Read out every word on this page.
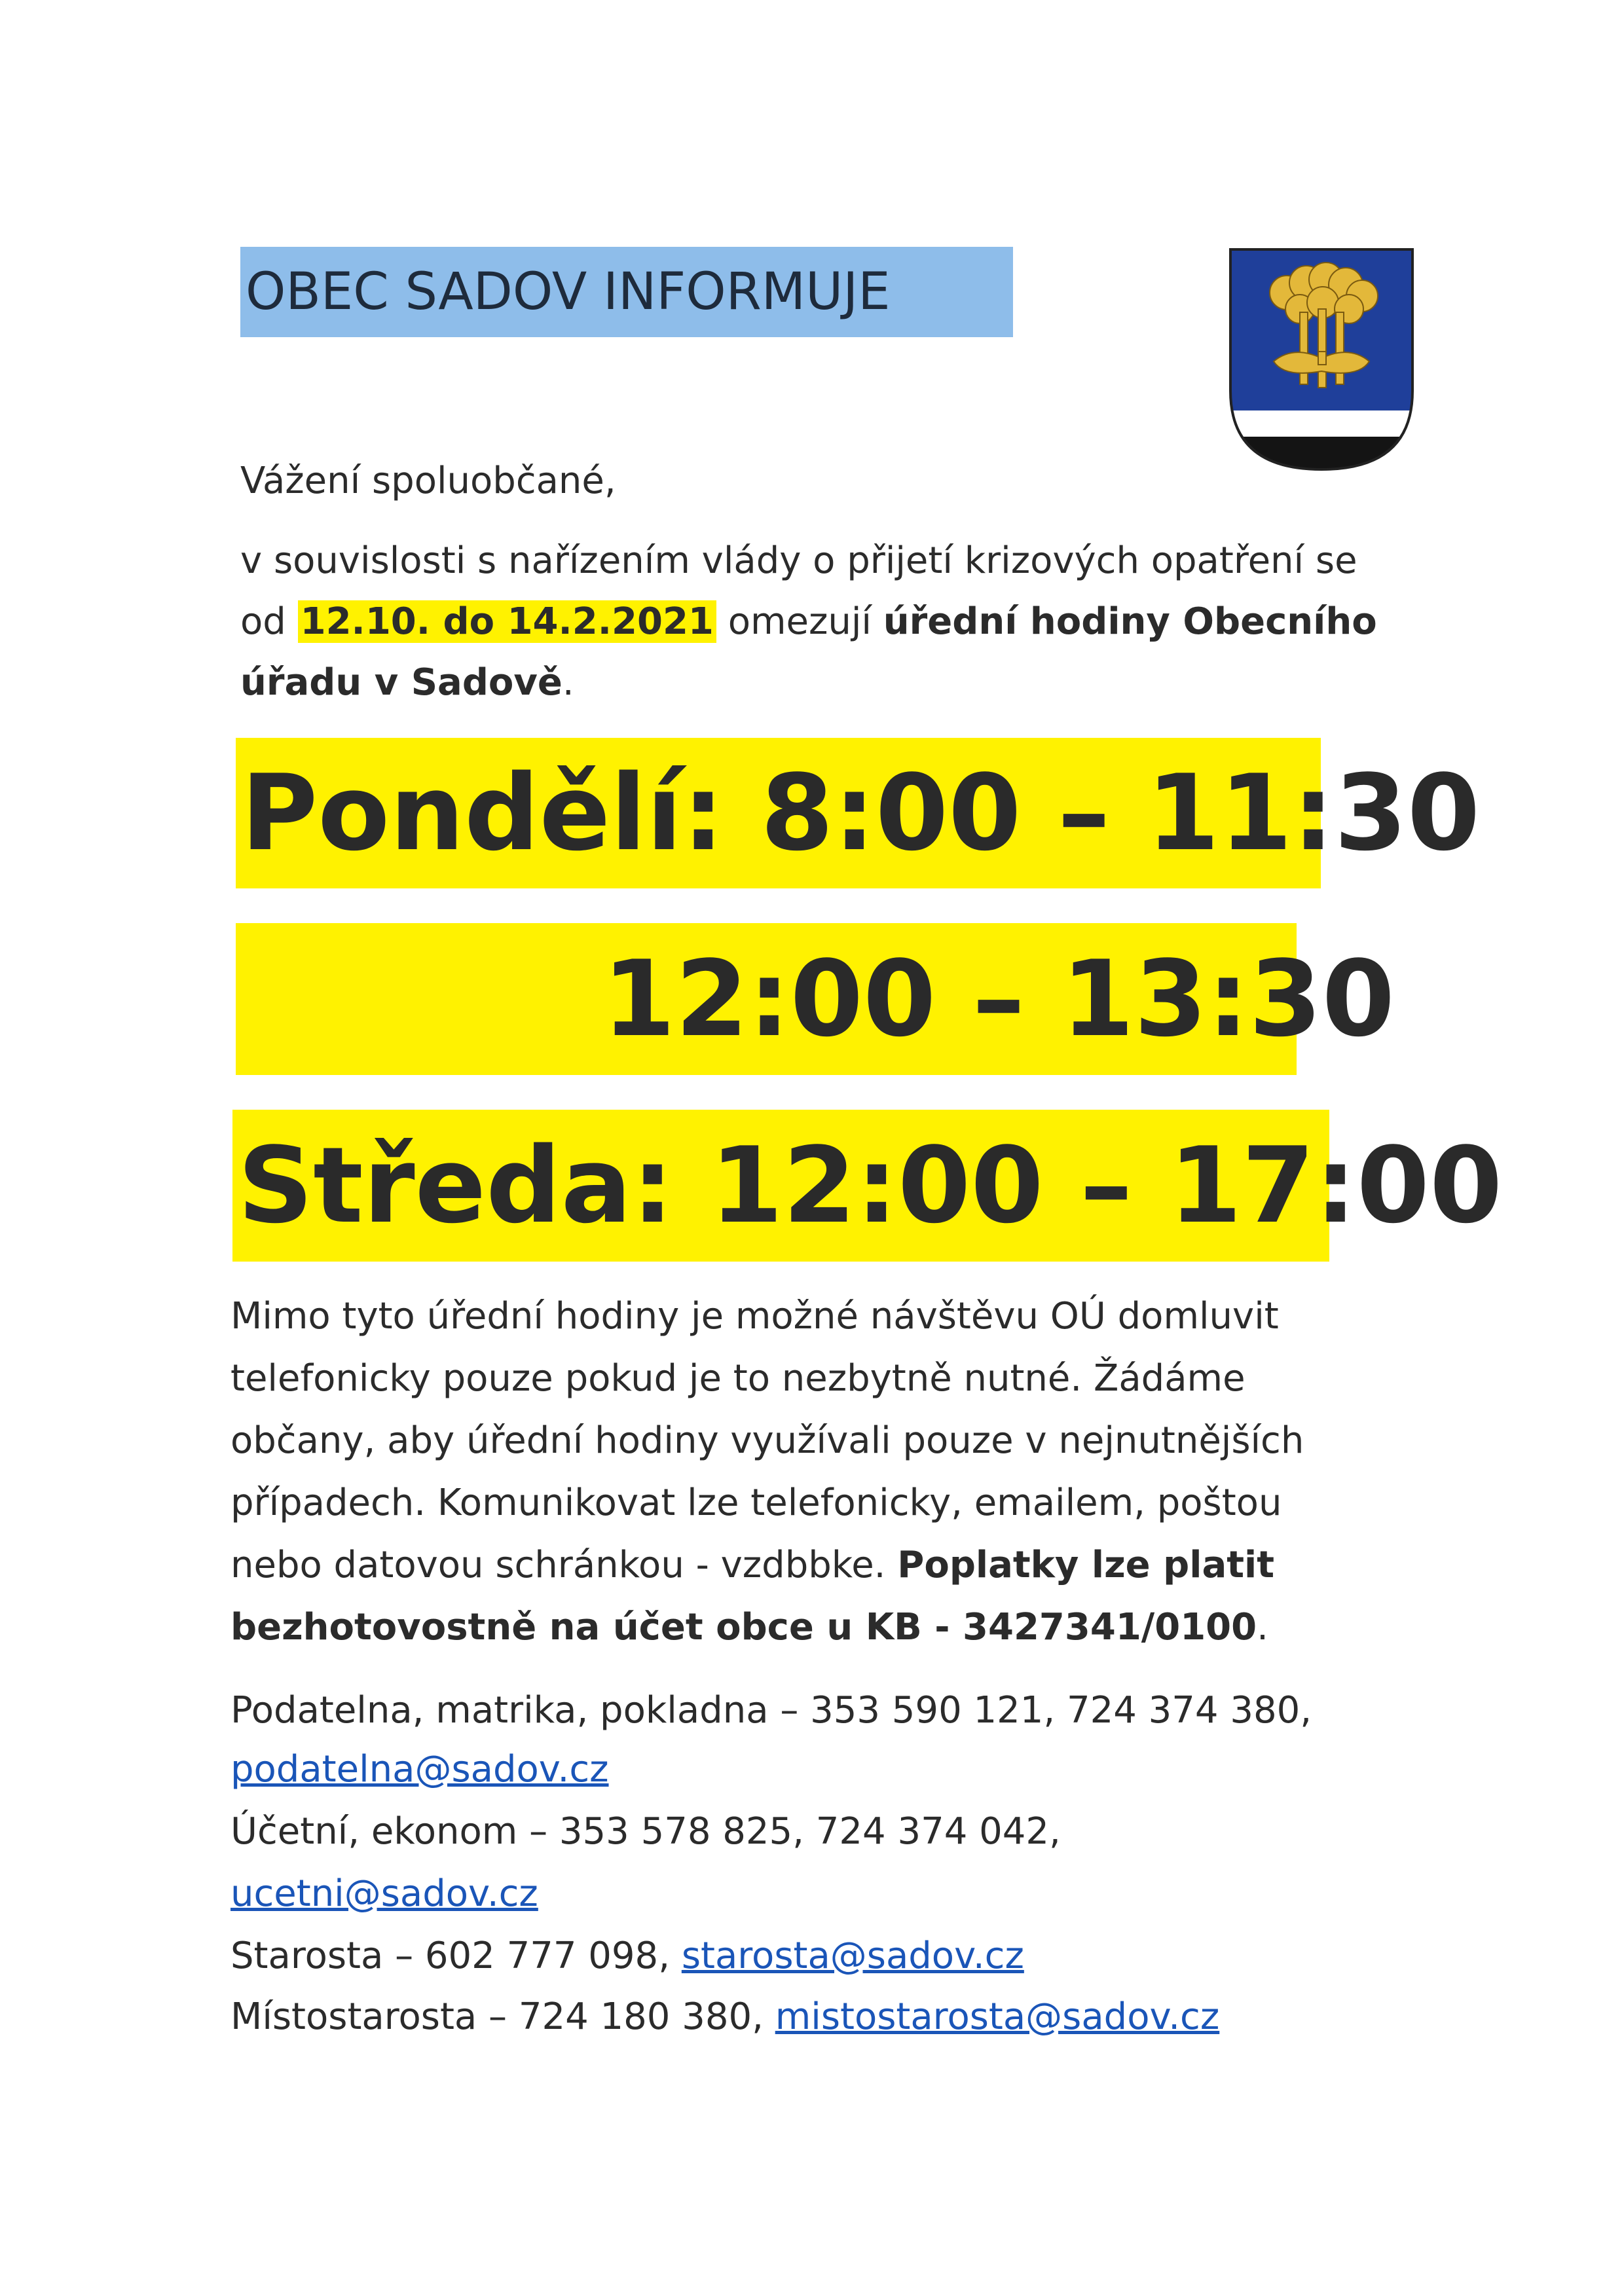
OBEC SADOV INFORMUJE
Vážení spoluobčané,
v souvislosti s nařízením vlády o přijetí krizových opatření se
od 12.10. do 14.2.2021 omezují úřední hodiny Obecního
úřadu v Sadově.
Pondělí: 8:00 – 11:30
12:00 – 13:30
Středa: 12:00 – 17:00
Mimo tyto úřední hodiny je možné návštěvu OÚ domluvit
telefonicky pouze pokud je to nezbytně nutné. Žádáme
občany, aby úřední hodiny využívali pouze v nejnutnějších
případech. Komunikovat lze telefonicky, emailem, poštou
nebo datovou schránkou - vzdbbke. Poplatky lze platit
bezhotovostně na účet obce u KB - 3427341/0100.
Podatelna, matrika, pokladna – 353 590 121, 724 374 380,
podatelna@sadov.cz
Účetní, ekonom – 353 578 825, 724 374 042,
ucetni@sadov.cz
Starosta – 602 777 098, starosta@sadov.cz
Místostarosta – 724 180 380, mistostarosta@sadov.cz
